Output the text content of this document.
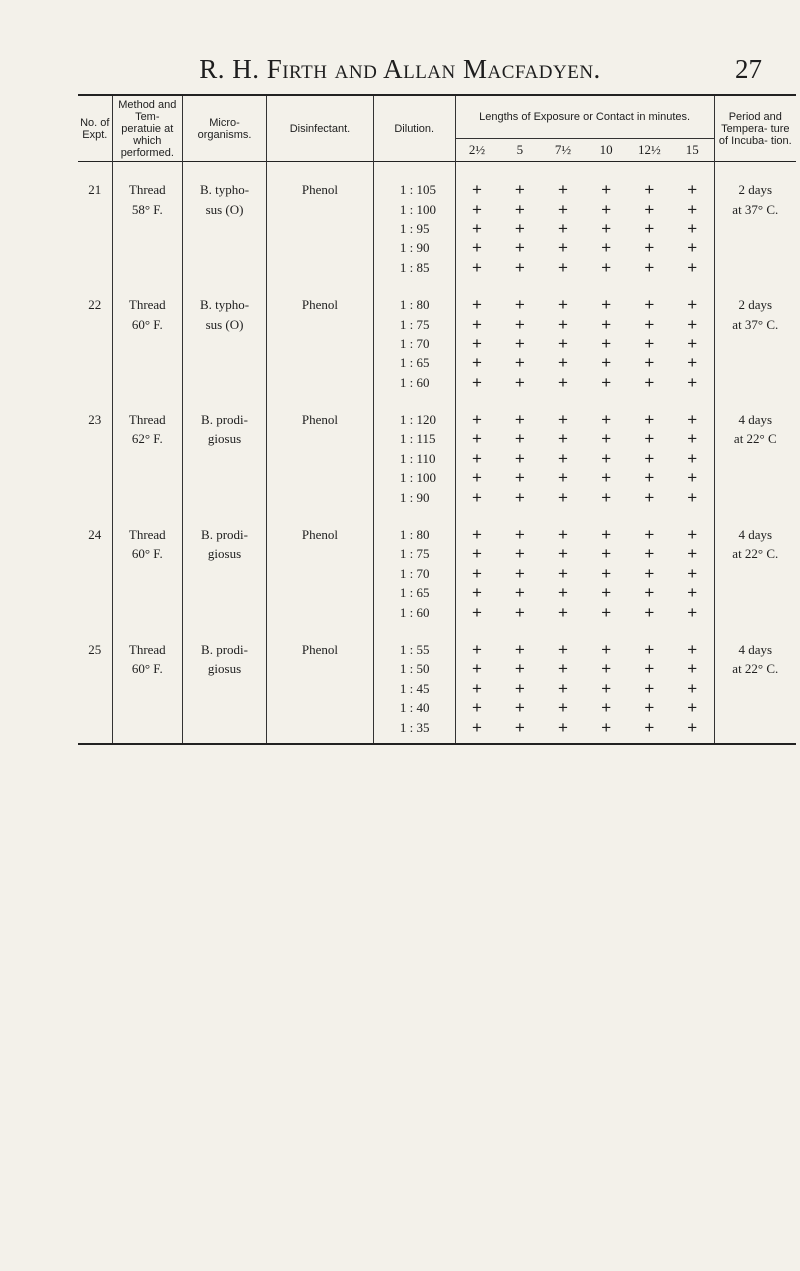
R. H. Firth and Allan Macfadyen.	27
No. of Expt.	Method and Tem- peratuie at which performed.	Micro- organisms.	Disinfectant.	Dilution.	Lengths of Exposure or Contact in minutes.						Period and Tempera- ture of Incuba- tion.
					2½	5	7½	10	12½	15	

21	Thread	B. typho-	Phenol	1 : 105	+	+	+	+	+	+	2 days
	58° F.	sus (O)		1 : 100	+	+	+	+	+	+	at 37° C.
				1 : 95	+	+	+	+	+	+	
				1 : 90	+	+	+	+	+	+	
				1 : 85	+	+	+	+	+	+	

22	Thread	B. typho-	Phenol	1 : 80	+	+	+	+	+	+	2 days
	60° F.	sus (O)		1 : 75	+	+	+	+	+	+	at 37° C.
				1 : 70	+	+	+	+	+	+	
				1 : 65	+	+	+	+	+	+	
				1 : 60	+	+	+	+	+	+	

23	Thread	B. prodi-	Phenol	1 : 120	+	+	+	+	+	+	4 days
	62° F.	giosus		1 : 115	+	+	+	+	+	+	at 22° C
				1 : 110	+	+	+	+	+	+	
				1 : 100	+	+	+	+	+	+	
				1 : 90	+	+	+	+	+	+	

24	Thread	B. prodi-	Phenol	1 : 80	+	+	+	+	+	+	4 days
	60° F.	giosus		1 : 75	+	+	+	+	+	+	at 22° C.
				1 : 70	+	+	+	+	+	+	
				1 : 65	+	+	+	+	+	+	
				1 : 60	+	+	+	+	+	+	

25	Thread	B. prodi-	Phenol	1 : 55	+	+	+	+	+	+	4 days
	60° F.	giosus		1 : 50	+	+	+	+	+	+	at 22° C.
				1 : 45	+	+	+	+	+	+	
				1 : 40	+	+	+	+	+	+	
				1 : 35	+	+	+	+	+	+	
